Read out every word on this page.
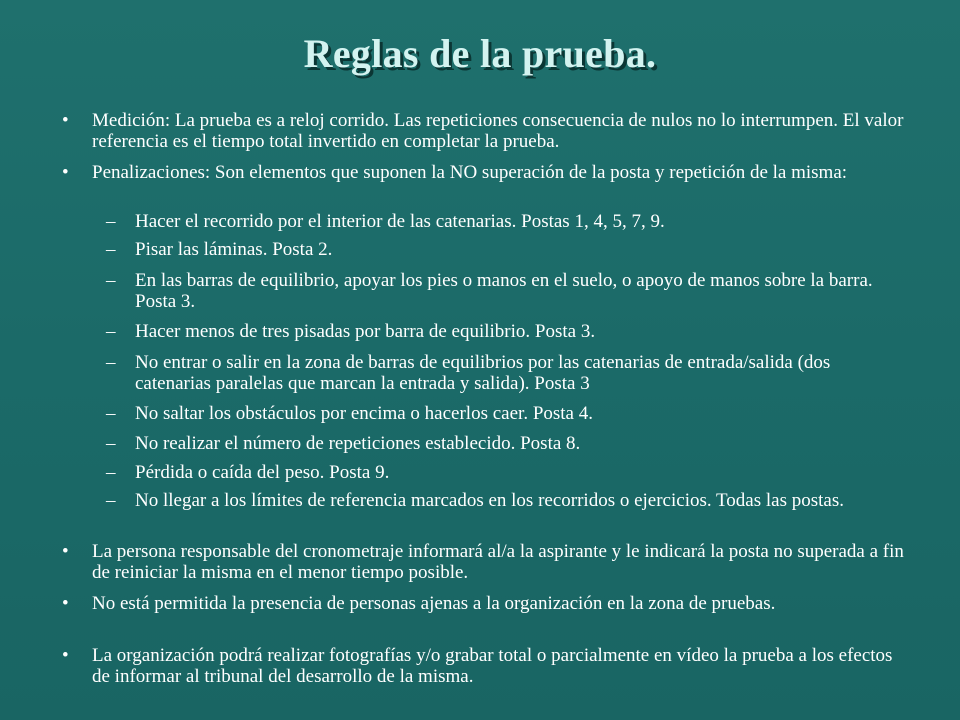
Reglas de la prueba.
• Medición: La prueba es a reloj corrido. Las repeticiones consecuencia de nulos no lo interrumpen. El valor referencia es el tiempo total invertido en completar la prueba.
• Penalizaciones: Son elementos que suponen la NO superación de la posta y repetición de la misma:
– Hacer el recorrido por el interior de las catenarias. Postas 1, 4, 5, 7, 9.
– Pisar las láminas. Posta 2.
– En las barras de equilibrio, apoyar los pies o manos en el suelo, o apoyo de manos sobre la barra. Posta 3.
– Hacer menos de tres pisadas por barra de equilibrio. Posta 3.
– No entrar o salir en la zona de barras de equilibrios por las catenarias de entrada/salida (dos catenarias paralelas que marcan la entrada y salida). Posta 3
– No saltar los obstáculos por encima o hacerlos caer. Posta 4.
– No realizar el número de repeticiones establecido. Posta 8.
– Pérdida o caída del peso. Posta 9.
– No llegar a los límites de referencia marcados en los recorridos o ejercicios. Todas las postas.
• La persona responsable del cronometraje informará al/a la aspirante y le indicará la posta no superada a fin de reiniciar la misma en el menor tiempo posible.
• No está permitida la presencia de personas ajenas a la organización en la zona de pruebas.
• La organización podrá realizar fotografías y/o grabar total o parcialmente en vídeo la prueba a los efectos de informar al tribunal del desarrollo de la misma.
